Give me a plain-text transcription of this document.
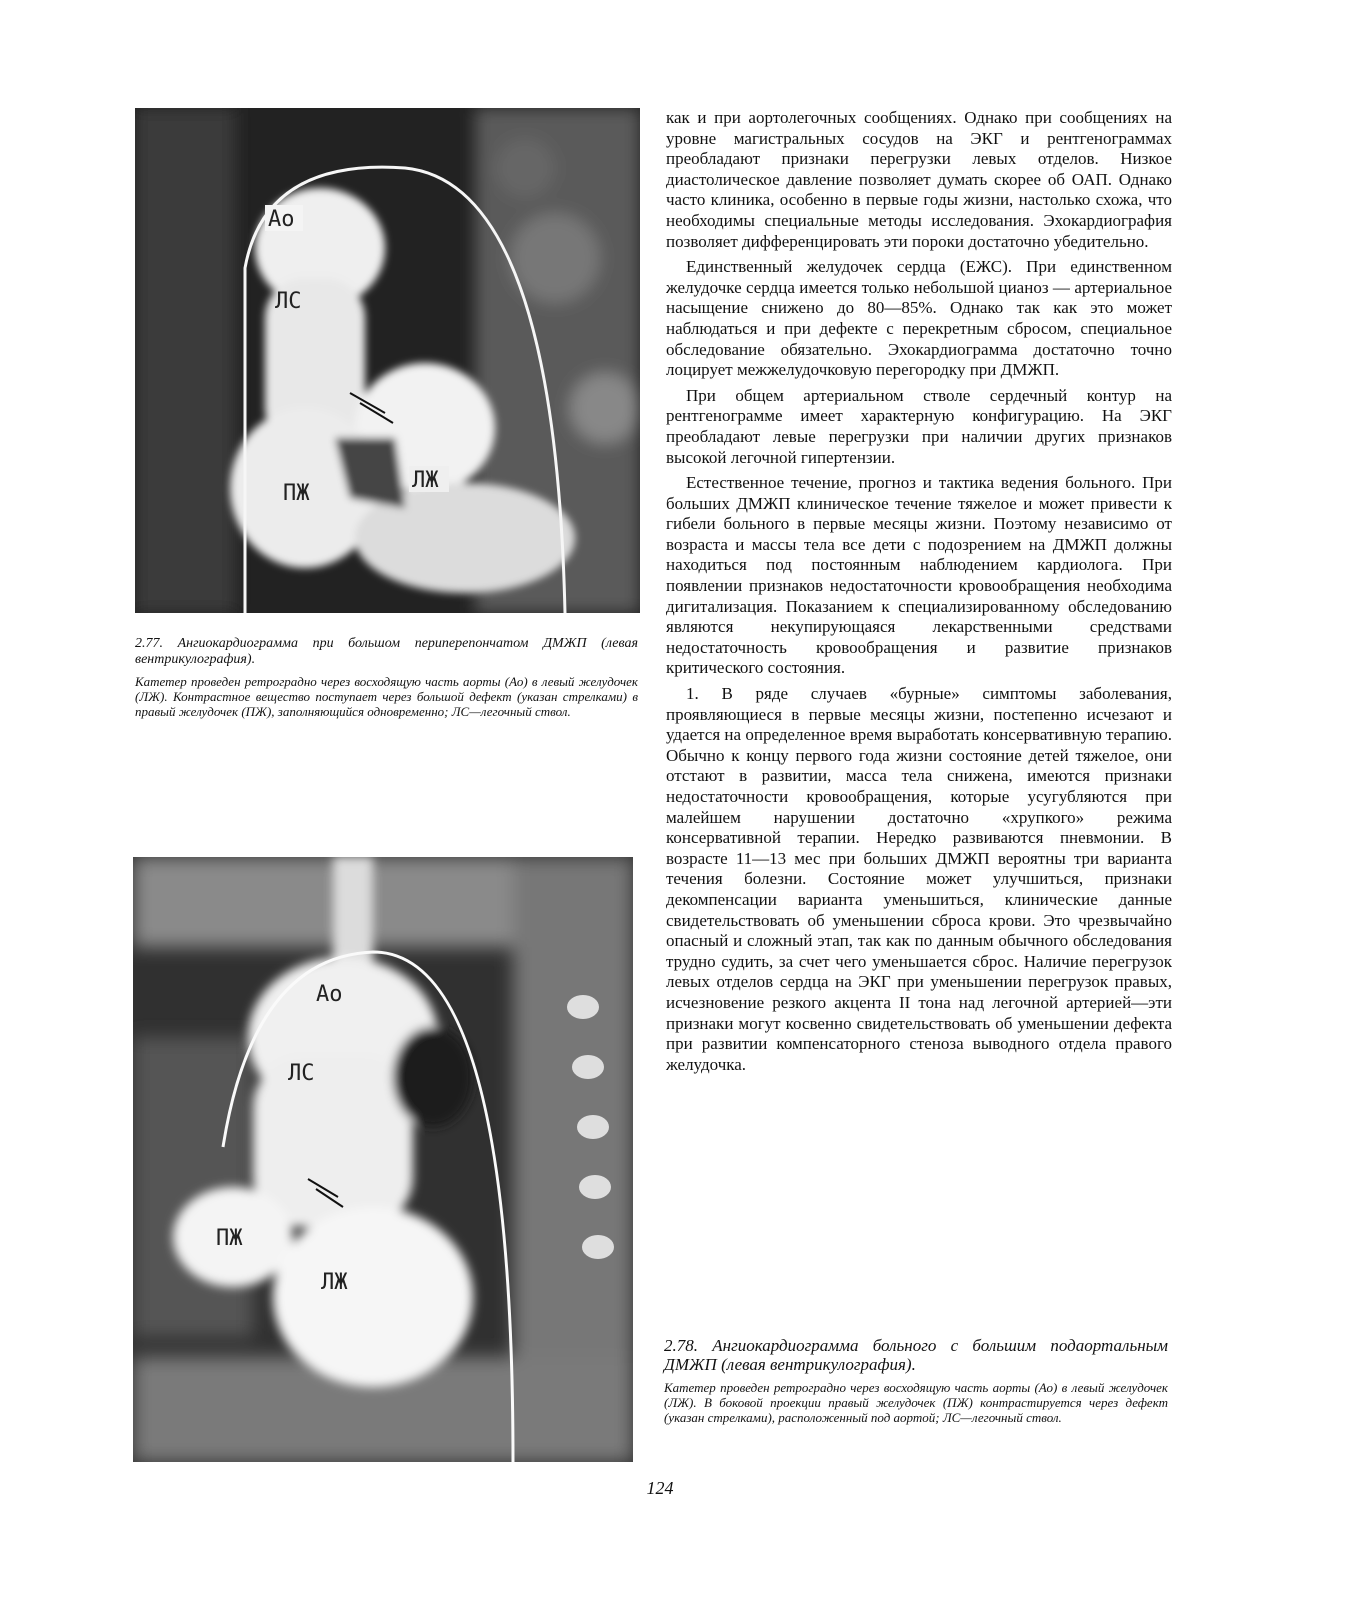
Ао
ЛС
ПЖ
ЛЖ

2.77. Ангиокардиограмма при большом периперепончатом ДМЖП (левая вентрикулография).

Катетер проведен ретроградно через восходящую часть аорты (Ао) в левый желудочек (ЛЖ). Контрастное вещество поступает через большой дефект (указан стрелками) в правый желудочек (ПЖ), заполняющийся одновременно; ЛС—легочный ствол.

Ао
ЛС
ПЖ
ЛЖ

2.78. Ангиокардиограмма больного с большим подаортальным ДМЖП (левая вентрикулография).

Катетер проведен ретроградно через восходящую часть аорты (Ао) в левый желудочек (ЛЖ). В боковой проекции правый желудочек (ПЖ) контрастируется через дефект (указан стрелками), расположенный под аортой; ЛС—легочный ствол.

как и при аортолегочных сообщениях. Однако при сообщениях на уровне магистральных сосудов на ЭКГ и рентгенограммах преобладают признаки перегрузки левых отделов. Низкое диастолическое давление позволяет думать скорее об ОАП. Однако часто клиника, особенно в первые годы жизни, настолько схожа, что необходимы специальные методы исследования. Эхокардиография позволяет дифференцировать эти пороки достаточно убедительно.

Единственный желудочек сердца (ЕЖС). При единственном желудочке сердца имеется только небольшой цианоз — артериальное насыщение снижено до 80—85%. Однако так как это может наблюдаться и при дефекте с перекретным сбросом, специальное обследование обязательно. Эхокардиограмма достаточно точно лоцирует межжелудочковую перегородку при ДМЖП.

При общем артериальном стволе сердечный контур на рентгенограмме имеет характерную конфигурацию. На ЭКГ преобладают левые перегрузки при наличии других признаков высокой легочной гипертензии.

Естественное течение, прогноз и тактика ведения больного. При больших ДМЖП клиническое течение тяжелое и может привести к гибели больного в первые месяцы жизни. Поэтому независимо от возраста и массы тела все дети с подозрением на ДМЖП должны находиться под постоянным наблюдением кардиолога. При появлении признаков недостаточности кровообращения необходима дигитализация. Показанием к специализированному обследованию являются некупирующаяся лекарственными средствами недостаточность кровообращения и развитие признаков критического состояния.

1. В ряде случаев «бурные» симптомы заболевания, проявляющиеся в первые месяцы жизни, постепенно исчезают и удается на определенное время выработать консервативную терапию. Обычно к концу первого года жизни состояние детей тяжелое, они отстают в развитии, масса тела снижена, имеются признаки недостаточности кровообращения, которые усугубляются при малейшем нарушении достаточно «хрупкого» режима консервативной терапии. Нередко развиваются пневмонии. В возрасте 11—13 мес при больших ДМЖП вероятны три варианта течения болезни. Состояние может улучшиться, признаки декомпенсации варианта уменьшиться, клинические данные свидетельствовать об уменьшении сброса крови. Это чрезвычайно опасный и сложный этап, так как по данным обычного обследования трудно судить, за счет чего уменьшается сброс. Наличие перегрузок левых отделов сердца на ЭКГ при уменьшении перегрузок правых, исчезновение резкого акцента II тона над легочной артерией—эти признаки могут косвенно свидетельствовать об уменьшении дефекта при развитии компенсаторного стеноза выводного отдела правого желудочка.

124
